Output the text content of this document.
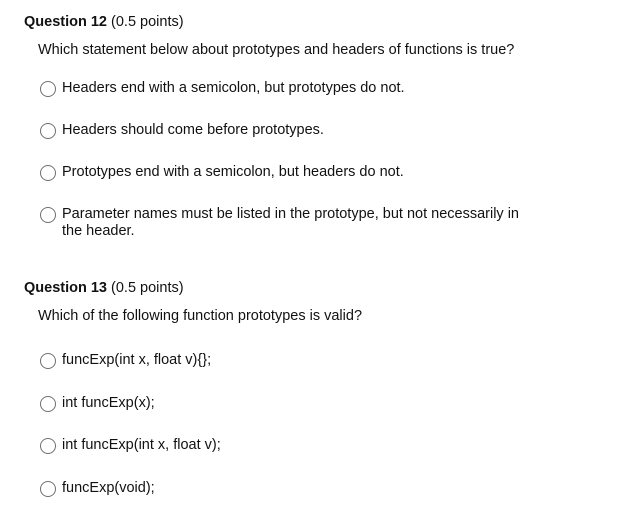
Question 12 (0.5 points)
Which statement below about prototypes and headers of functions is true?
Headers end with a semicolon, but prototypes do not.
Headers should come before prototypes.
Prototypes end with a semicolon, but headers do not.
Parameter names must be listed in the prototype, but not necessarily in the header.
Question 13 (0.5 points)
Which of the following function prototypes is valid?
funcExp(int x, float v){};
int funcExp(x);
int funcExp(int x, float v);
funcExp(void);
